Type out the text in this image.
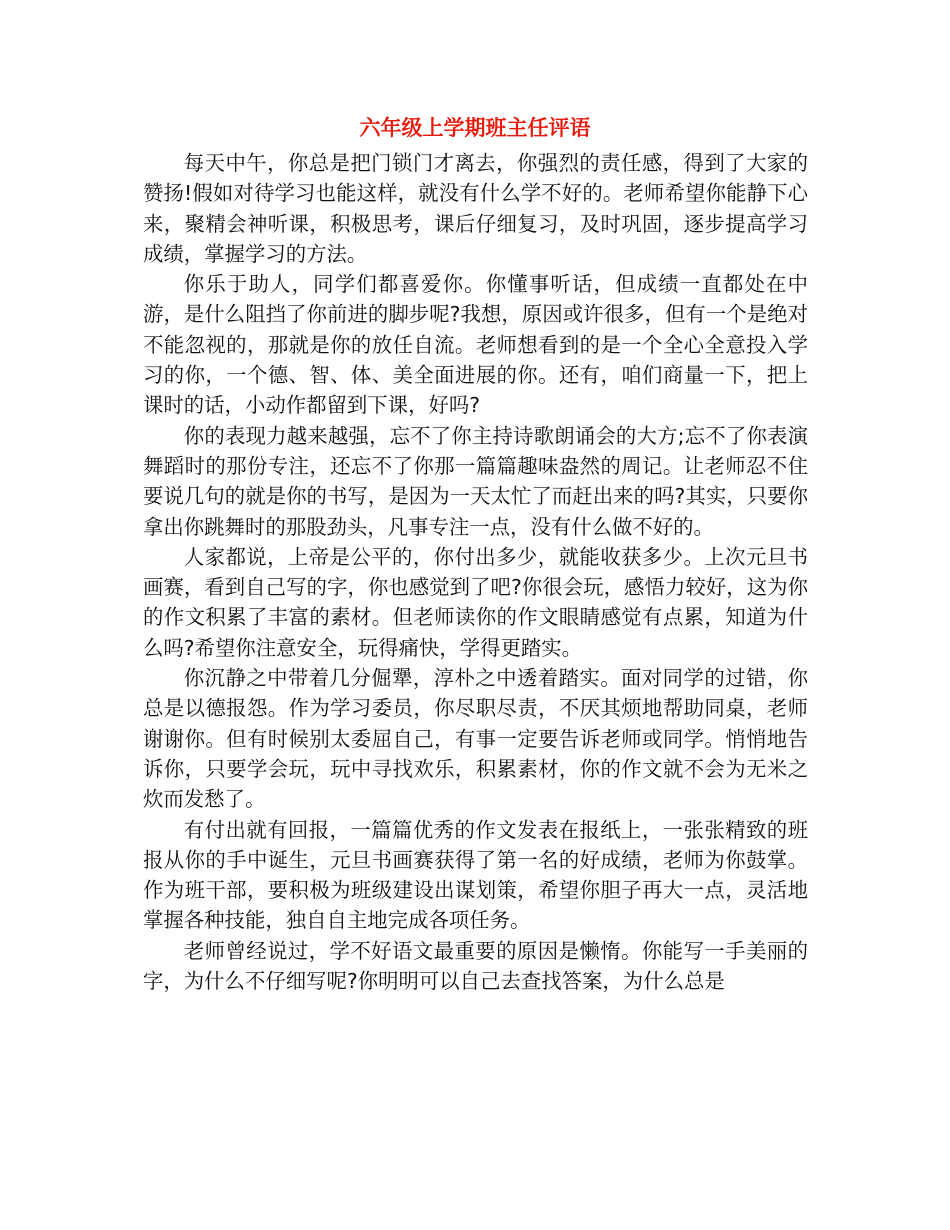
六年级上学期班主任评语

每天中午，你总是把门锁门才离去，你强烈的责任感，得到了大家的赞扬!假如对待学习也能这样，就没有什么学不好的。老师希望你能静下心来，聚精会神听课，积极思考，课后仔细复习，及时巩固，逐步提高学习成绩，掌握学习的方法。

你乐于助人，同学们都喜爱你。你懂事听话，但成绩一直都处在中游，是什么阻挡了你前进的脚步呢?我想，原因或许很多，但有一个是绝对不能忽视的，那就是你的放任自流。老师想看到的是一个全心全意投入学习的你，一个德、智、体、美全面进展的你。还有，咱们商量一下，把上课时的话，小动作都留到下课，好吗?

你的表现力越来越强，忘不了你主持诗歌朗诵会的大方;忘不了你表演舞蹈时的那份专注，还忘不了你那一篇篇趣味盎然的周记。让老师忍不住要说几句的就是你的书写，是因为一天太忙了而赶出来的吗?其实，只要你拿出你跳舞时的那股劲头，凡事专注一点，没有什么做不好的。

人家都说，上帝是公平的，你付出多少，就能收获多少。上次元旦书画赛，看到自己写的字，你也感觉到了吧?你很会玩，感悟力较好，这为你的作文积累了丰富的素材。但老师读你的作文眼睛感觉有点累，知道为什么吗?希望你注意安全，玩得痛快，学得更踏实。

你沉静之中带着几分倔犟，淳朴之中透着踏实。面对同学的过错，你总是以德报怨。作为学习委员，你尽职尽责，不厌其烦地帮助同桌，老师谢谢你。但有时候别太委屈自己，有事一定要告诉老师或同学。悄悄地告诉你，只要学会玩，玩中寻找欢乐，积累素材，你的作文就不会为无米之炊而发愁了。

有付出就有回报，一篇篇优秀的作文发表在报纸上，一张张精致的班报从你的手中诞生，元旦书画赛获得了第一名的好成绩，老师为你鼓掌。作为班干部，要积极为班级建设出谋划策，希望你胆子再大一点，灵活地掌握各种技能，独自自主地完成各项任务。

老师曾经说过，学不好语文最重要的原因是懒惰。你能写一手美丽的字，为什么不仔细写呢?你明明可以自己去查找答案，为什么总是
